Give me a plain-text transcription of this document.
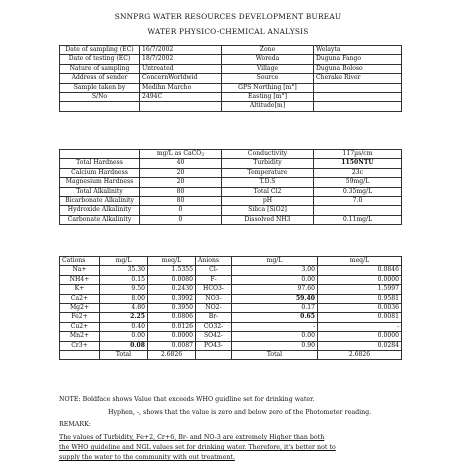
SNNPRG WATER RESOURCES DEVELOPMENT BUREAU
WATER PHYSICO-CHEMICAL ANALYSIS
Date of sampling (EC)	16/7/2002	Zone	Welayta
Date of testing (EC)	18/7/2002	Woreda	Duguna Fango
Nature of sampling	Untreated	Village	Duguna Boloso
Address of sender	ConcernWorldwid	Source	Cherake River
Sample taken by	Medihn Marcho	GPS Northing [m°]	
S/No	2494C	Easting [m°]	
		Altitude[m]	
	mg/L as CaCO$_3$	Conductivity	117µs/cm
Total Hardness	40	Turbidity	1150NTU
Calcium Hardness	20	Temperature	23c
Magnesium Hardness	20	T.D.S	59mg/L
Total Alkalinity	80	Total Cl2	0.35mg/L
Bicarbonate Alkalinity	80	pH	7.0
Hydroxide Alkalinity	0	Silica [SiO2]	
Carbonate Alkalinity	0	Dissolved NH3	0.11mg/L
Cations	mg/L	meq/L	Anions	mg/L	meq/L
Na+	35.30	1.5355	Cl-	3.00	0.0846
NH4+	0.15	0.0080	F-	0.00	0.0000
K+	9.50	0.2430	HCO3-	97.60	1.5997
Ca2+	8.00	0.3992	NO3-	59.40	0.9581
Mg2+	4.80	0.3950	NO2-	0.17	0.0036
Fe2+	2.25	0.0806	Br-	0.65	0.0081
Cu2+	0.40	0.0126	CO32-	-	-
Mn2+	0.00	0.0000	SO42-	0.00	0.0000
Cr3+	0.08	0.0087	PO43-	0.90	0.0284
	Total	2.6826		Total	2.6826
NOTE: Boldface shows Value that exceeds WHO guidline set for drinking water.
Hyphen, -, shows that the value is zero and below zero of the Photometer reading.
REMARK:
The values of Turbidity, Fe+2, Cr+6, Br- and NO-3 are extremely Higher than both
the WHO guideline and NGL values set for drinking water. Therefore, it's better not to
supply the water to the community with out treatment.
